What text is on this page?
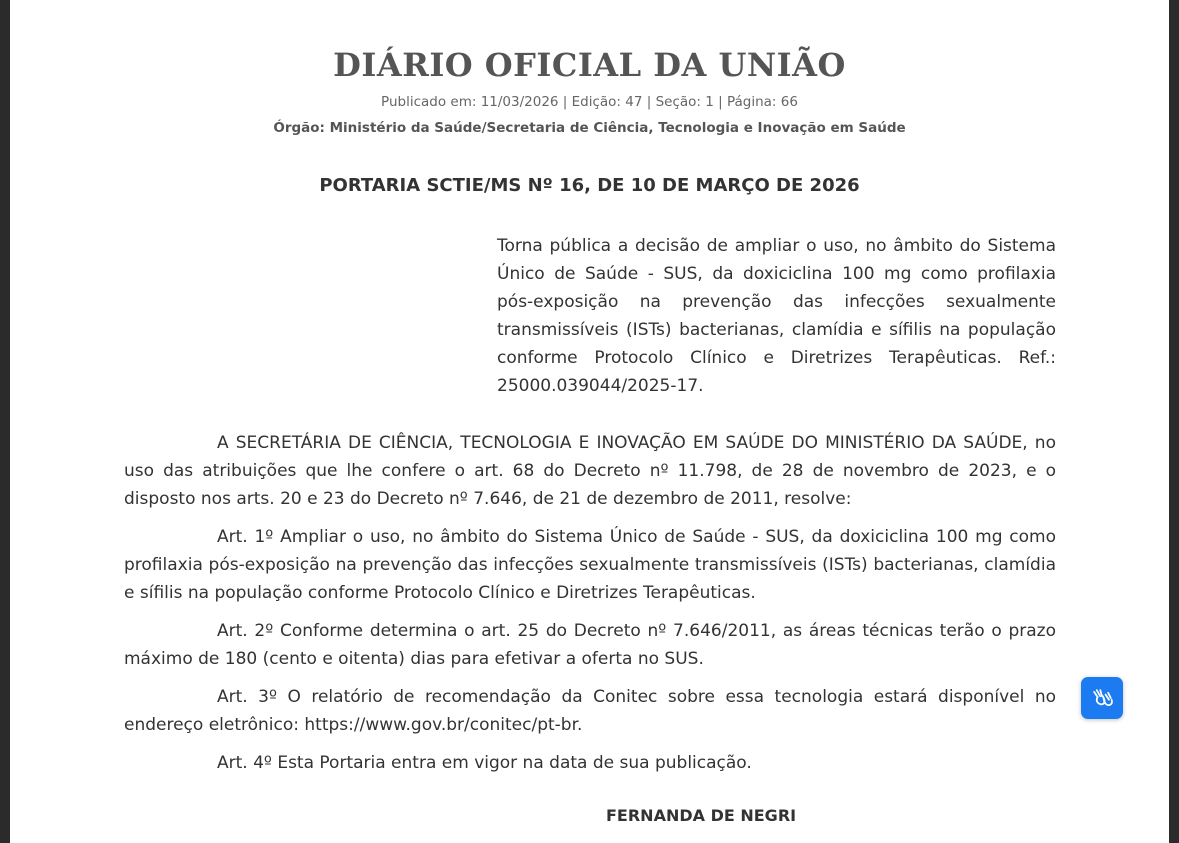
DIÁRIO OFICIAL DA UNIÃO
Publicado em: 11/03/2026 | Edição: 47 | Seção: 1 | Página: 66
Órgão: Ministério da Saúde/Secretaria de Ciência, Tecnologia e Inovação em Saúde
PORTARIA SCTIE/MS Nº 16, DE 10 DE MARÇO DE 2026
Torna pública a decisão de ampliar o uso, no âmbito do Sistema Único de Saúde - SUS, da doxiciclina 100 mg como profilaxia pós-exposição na prevenção das infecções sexualmente transmissíveis (ISTs) bacterianas, clamídia e sífilis na população conforme Protocolo Clínico e Diretrizes Terapêuticas. Ref.: 25000.039044/2025-17.

A SECRETÁRIA DE CIÊNCIA, TECNOLOGIA E INOVAÇÃO EM SAÚDE DO MINISTÉRIO DA SAÚDE, no uso das atribuições que lhe confere o art. 68 do Decreto nº 11.798, de 28 de novembro de 2023, e o disposto nos arts. 20 e 23 do Decreto nº 7.646, de 21 de dezembro de 2011, resolve:

Art. 1º Ampliar o uso, no âmbito do Sistema Único de Saúde - SUS, da doxiciclina 100 mg como profilaxia pós-exposição na prevenção das infecções sexualmente transmissíveis (ISTs) bacterianas, clamídia e sífilis na população conforme Protocolo Clínico e Diretrizes Terapêuticas.

Art. 2º Conforme determina o art. 25 do Decreto nº 7.646/2011, as áreas técnicas terão o prazo máximo de 180 (cento e oitenta) dias para efetivar a oferta no SUS.

Art. 3º O relatório de recomendação da Conitec sobre essa tecnologia estará disponível no endereço eletrônico: https://www.gov.br/conitec/pt-br.

Art. 4º Esta Portaria entra em vigor na data de sua publicação.

FERNANDA DE NEGRI
